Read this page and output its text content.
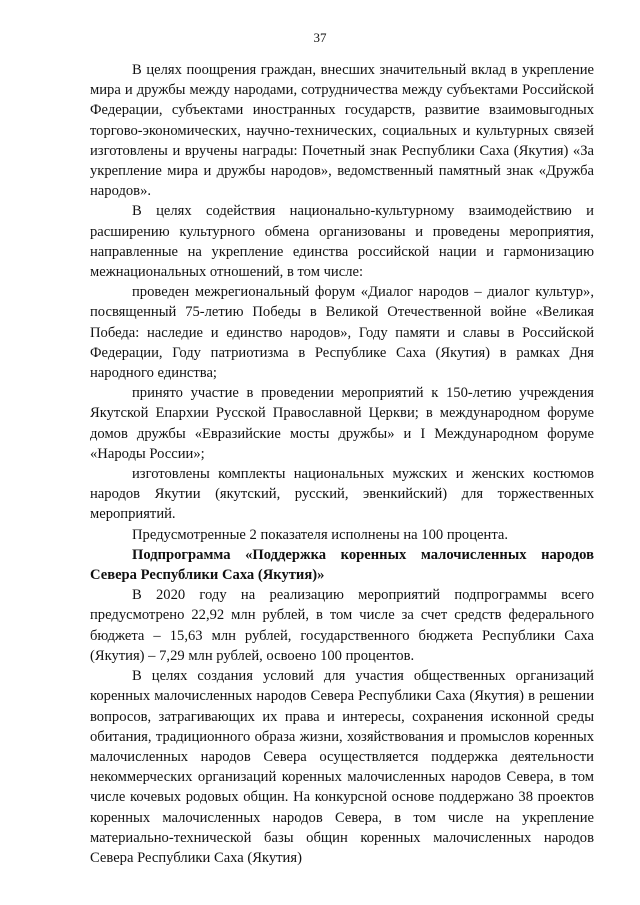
37

В целях поощрения граждан, внесших значительный вклад в укрепление мира и дружбы между народами, сотрудничества между субъектами Российской Федерации, субъектами иностранных государств, развитие взаимовыгодных торгово-экономических, научно-технических, социальных и культурных связей изготовлены и вручены награды: Почетный знак Республики Саха (Якутия) «За укрепление мира и дружбы народов», ведомственный памятный знак «Дружба народов».

В целях содействия национально-культурному взаимодействию и расширению культурного обмена организованы и проведены мероприятия, направленные на укрепление единства российской нации и гармонизацию межнациональных отношений, в том числе:

проведен межрегиональный форум «Диалог народов – диалог культур», посвященный 75-летию Победы в Великой Отечественной войне «Великая Победа: наследие и единство народов», Году памяти и славы в Российской Федерации, Году патриотизма в Республике Саха (Якутия) в рамках Дня народного единства;

принято участие в проведении мероприятий к 150-летию учреждения Якутской Епархии Русской Православной Церкви; в международном форуме домов дружбы «Евразийские мосты дружбы» и I Международном форуме «Народы России»;

изготовлены комплекты национальных мужских и женских костюмов народов Якутии (якутский, русский, эвенкийский) для торжественных мероприятий.

Предусмотренные 2 показателя исполнены на 100 процента.

Подпрограмма «Поддержка коренных малочисленных народов Севера Республики Саха (Якутия)»

В 2020 году на реализацию мероприятий подпрограммы всего предусмотрено 22,92 млн рублей, в том числе за счет средств федерального бюджета – 15,63 млн рублей, государственного бюджета Республики Саха (Якутия) – 7,29 млн рублей, освоено 100 процентов.

В целях создания условий для участия общественных организаций коренных малочисленных народов Севера Республики Саха (Якутия) в решении вопросов, затрагивающих их права и интересы, сохранения исконной среды обитания, традиционного образа жизни, хозяйствования и промыслов коренных малочисленных народов Севера осуществляется поддержка деятельности некоммерческих организаций коренных малочисленных народов Севера, в том числе кочевых родовых общин. На конкурсной основе поддержано 38 проектов коренных малочисленных народов Севера, в том числе на укрепление материально-технической базы общин коренных малочисленных народов Севера Республики Саха (Якутия)
